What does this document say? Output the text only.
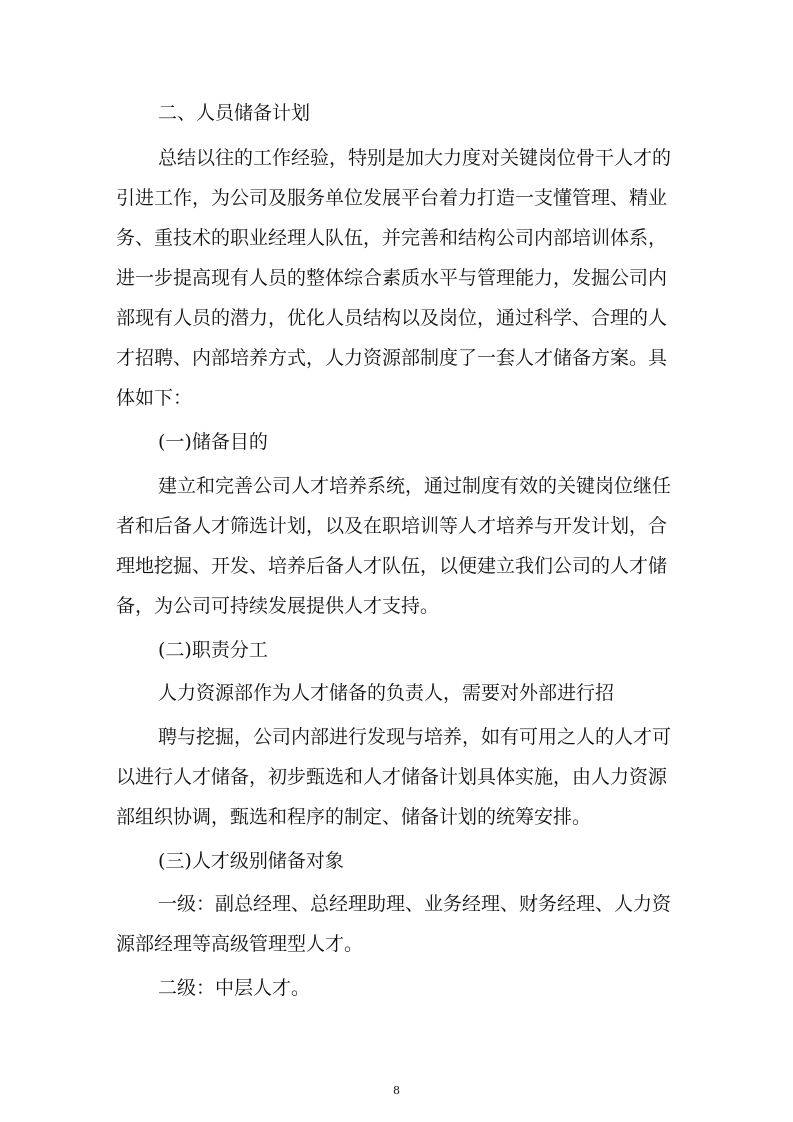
二、人员储备计划
总结以往的工作经验，特别是加大力度对关键岗位骨干人才的
引进工作，为公司及服务单位发展平台着力打造一支懂管理、精业
务、重技术的职业经理人队伍，并完善和结构公司内部培训体系，
进一步提高现有人员的整体综合素质水平与管理能力，发掘公司内
部现有人员的潜力，优化人员结构以及岗位，通过科学、合理的人
才招聘、内部培养方式，人力资源部制度了一套人才储备方案。具
体如下：
(一)储备目的
建立和完善公司人才培养系统，通过制度有效的关键岗位继任
者和后备人才筛选计划，以及在职培训等人才培养与开发计划，合
理地挖掘、开发、培养后备人才队伍，以便建立我们公司的人才储
备，为公司可持续发展提供人才支持。
(二)职责分工
人力资源部作为人才储备的负责人，需要对外部进行招
聘与挖掘，公司内部进行发现与培养，如有可用之人的人才可
以进行人才储备，初步甄选和人才储备计划具体实施，由人力资源
部组织协调，甄选和程序的制定、储备计划的统筹安排。
(三)人才级别储备对象
一级：副总经理、总经理助理、业务经理、财务经理、人力资
源部经理等高级管理型人才。
二级：中层人才。
8
